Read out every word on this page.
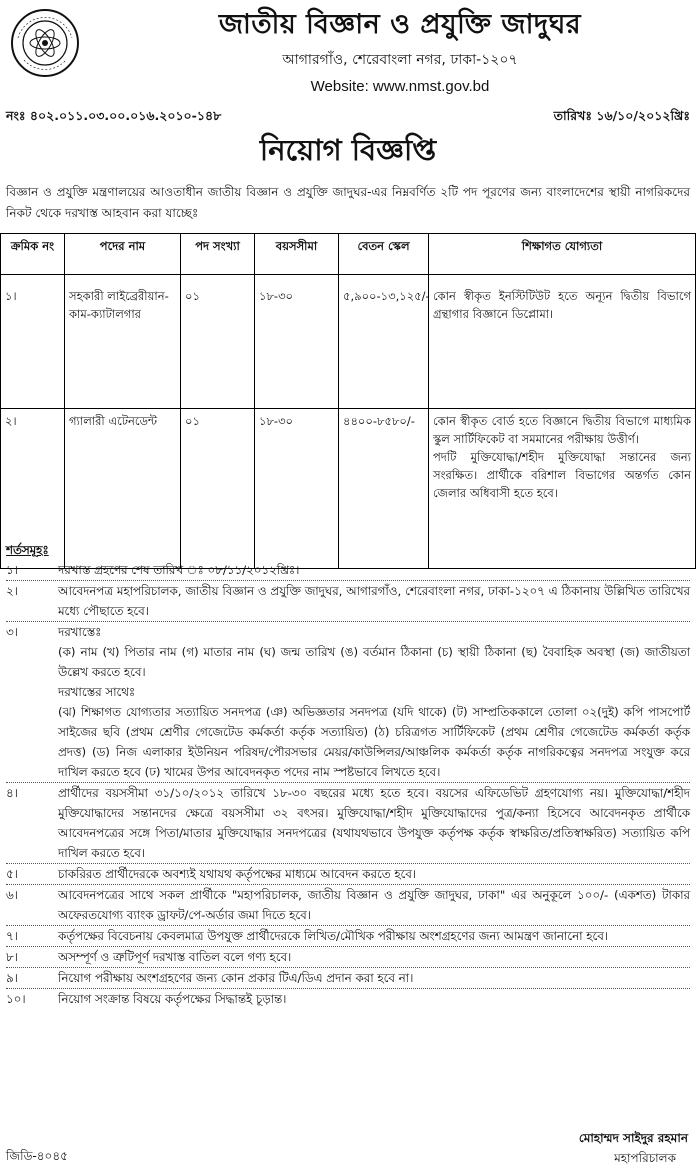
জাতীয় বিজ্ঞান ও প্রযুক্তি জাদুঘর
আগারগাঁও, শেরেবাংলা নগর, ঢাকা-১২০৭
Website: www.nmst.gov.bd
নংঃ ৪০২.০১১.০৩.০০.০১৬.২০১০-১৪৮	তারিখঃ ১৬/১০/২০১২খ্রিঃ
নিয়োগ বিজ্ঞপ্তি
বিজ্ঞান ও প্রযুক্তি মন্ত্রণালয়ের আওতাধীন জাতীয় বিজ্ঞান ও প্রযুক্তি জাদুঘর-এর নিম্নবর্ণিত ২টি পদ পূরণের জন্য বাংলাদেশের স্থায়ী নাগরিকদের নিকট থেকে দরখাস্ত আহবান করা যাচ্ছেঃ
ক্রমিক নং	পদের নাম	পদ সংখ্যা	বয়সসীমা	বেতন স্কেল	শিক্ষাগত যোগ্যতা
১।	সহকারী লাইব্রেরীয়ান-কাম-ক্যাটালগার	০১	১৮-৩০	৫,৯০০-১৩,১২৫/-	কোন স্বীকৃত ইনস্টিটিউট হতে অন্যূন দ্বিতীয় বিভাগে গ্রন্থাগার বিজ্ঞানে ডিপ্লোমা।

২।	গ্যালারী এটেনডেন্ট	০১	১৮-৩০	৪৪০০-৮৫৮০/-	কোন স্বীকৃত বোর্ড হতে বিজ্ঞানে দ্বিতীয় বিভাগে মাধ্যমিক স্কুল সার্টিফিকেট বা সমমানের পরীক্ষায় উত্তীর্ণ।
পদটি মুক্তিযোদ্ধা/শহীদ মুক্তিযোদ্ধা সন্তানের জন্য সংরক্ষিত। প্রার্থীকে বরিশাল বিভাগের অন্তর্গত কোন জেলার অধিবাসী হতে হবে।
শর্তসমূহঃ
১।	দরখাস্ত গ্রহণের শেষ তারিখ ঃ ০৮/১১/২০১২খ্রিঃ।
২।	আবেদনপত্র মহাপরিচালক, জাতীয় বিজ্ঞান ও প্রযুক্তি জাদুঘর, আগারগাঁও, শেরেবাংলা নগর, ঢাকা-১২০৭ এ ঠিকানায় উল্লিখিত তারিখের মধ্যে পৌছাতে হবে।
৩।	দরখাস্তেঃ
(ক) নাম (খ) পিতার নাম (গ) মাতার নাম (ঘ) জন্ম তারিখ (ঙ) বর্তমান ঠিকানা (চ) স্থায়ী ঠিকানা (ছ) বৈবাহিক অবস্থা (জ) জাতীয়তা উল্লেখ করতে হবে।
দরখাস্তের সাথেঃ
(ঝ) শিক্ষাগত যোগ্যতার সত্যায়িত সনদপত্র (ঞ) অভিজ্ঞতার সনদপত্র (যদি থাকে) (ট) সাম্প্রতিককালে তোলা ০২(দুই) কপি পাসপোর্ট সাইজের ছবি (প্রথম শ্রেণীর গেজেটেড কর্মকর্তা কর্তৃক সত্যায়িত) (ঠ) চরিত্রগত সার্টিফিকেট (প্রথম শ্রেণীর গেজেটেড কর্মকর্তা কর্তৃক প্রদত্ত) (ড) নিজ এলাকার ইউনিয়ন পরিষদ/পৌরসভার মেয়র/কাউন্সিলর/আঞ্চলিক কর্মকর্তা কর্তৃক নাগরিকত্বের সনদপত্র সংযুক্ত করে দাখিল করতে হবে (ঢ) খামের উপর আবেদনকৃত পদের নাম স্পষ্টভাবে লিখতে হবে।
৪।	প্রার্থীদের বয়সসীমা ৩১/১০/২০১২ তারিখে ১৮-৩০ বছরের মধ্যে হতে হবে। বয়সের এফিডেভিট গ্রহণযোগ্য নয়। মুক্তিযোদ্ধা/শহীদ মুক্তিযোদ্ধাদের সন্তানদের ক্ষেত্রে বয়সসীমা ৩২ বৎসর। মুক্তিযোদ্ধা/শহীদ মুক্তিযোদ্ধাদের পুত্র/কন্যা হিসেবে আবেদনকৃত প্রার্থীকে আবেদনপত্রের সঙ্গে পিতা/মাতার মুক্তিযোদ্ধার সনদপত্রের (যথাযথভাবে উপযুক্ত কর্তৃপক্ষ কর্তৃক স্বাক্ষরিত/প্রতিস্বাক্ষরিত) সত্যায়িত কপি দাখিল করতে হবে।
৫।	চাকরিরত প্রার্থীদেরকে অবশ্যই যথাযথ কর্তৃপক্ষের মাধ্যমে আবেদন করতে হবে।
৬।	আবেদনপত্রের সাথে সকল প্রার্থীকে "মহাপরিচালক, জাতীয় বিজ্ঞান ও প্রযুক্তি জাদুঘর, ঢাকা" এর অনুকূলে ১০০/- (একশত) টাকার অফেরতযোগ্য ব্যাংক ড্রাফট/পে-অর্ডার জমা দিতে হবে।
৭।	কর্তৃপক্ষের বিবেচনায় কেবলমাত্র উপযুক্ত প্রার্থীদেরকে লিখিত/মৌখিক পরীক্ষায় অংশগ্রহণের জন্য আমন্ত্রণ জানানো হবে।
৮।	অসম্পূর্ণ ও ত্রুটিপূর্ণ দরখাস্ত বাতিল বলে গণ্য হবে।
৯।	নিয়োগ পরীক্ষায় অংশগ্রহণের জন্য কোন প্রকার টিএ/ডিএ প্রদান করা হবে না।
১০।	নিয়োগ সংক্রান্ত বিষয়ে কর্তৃপক্ষের সিদ্ধান্তই চূড়ান্ত।
জিডি-৪০৪৫
মোহাম্মদ সাইদুর রহমান
মহাপরিচালক
